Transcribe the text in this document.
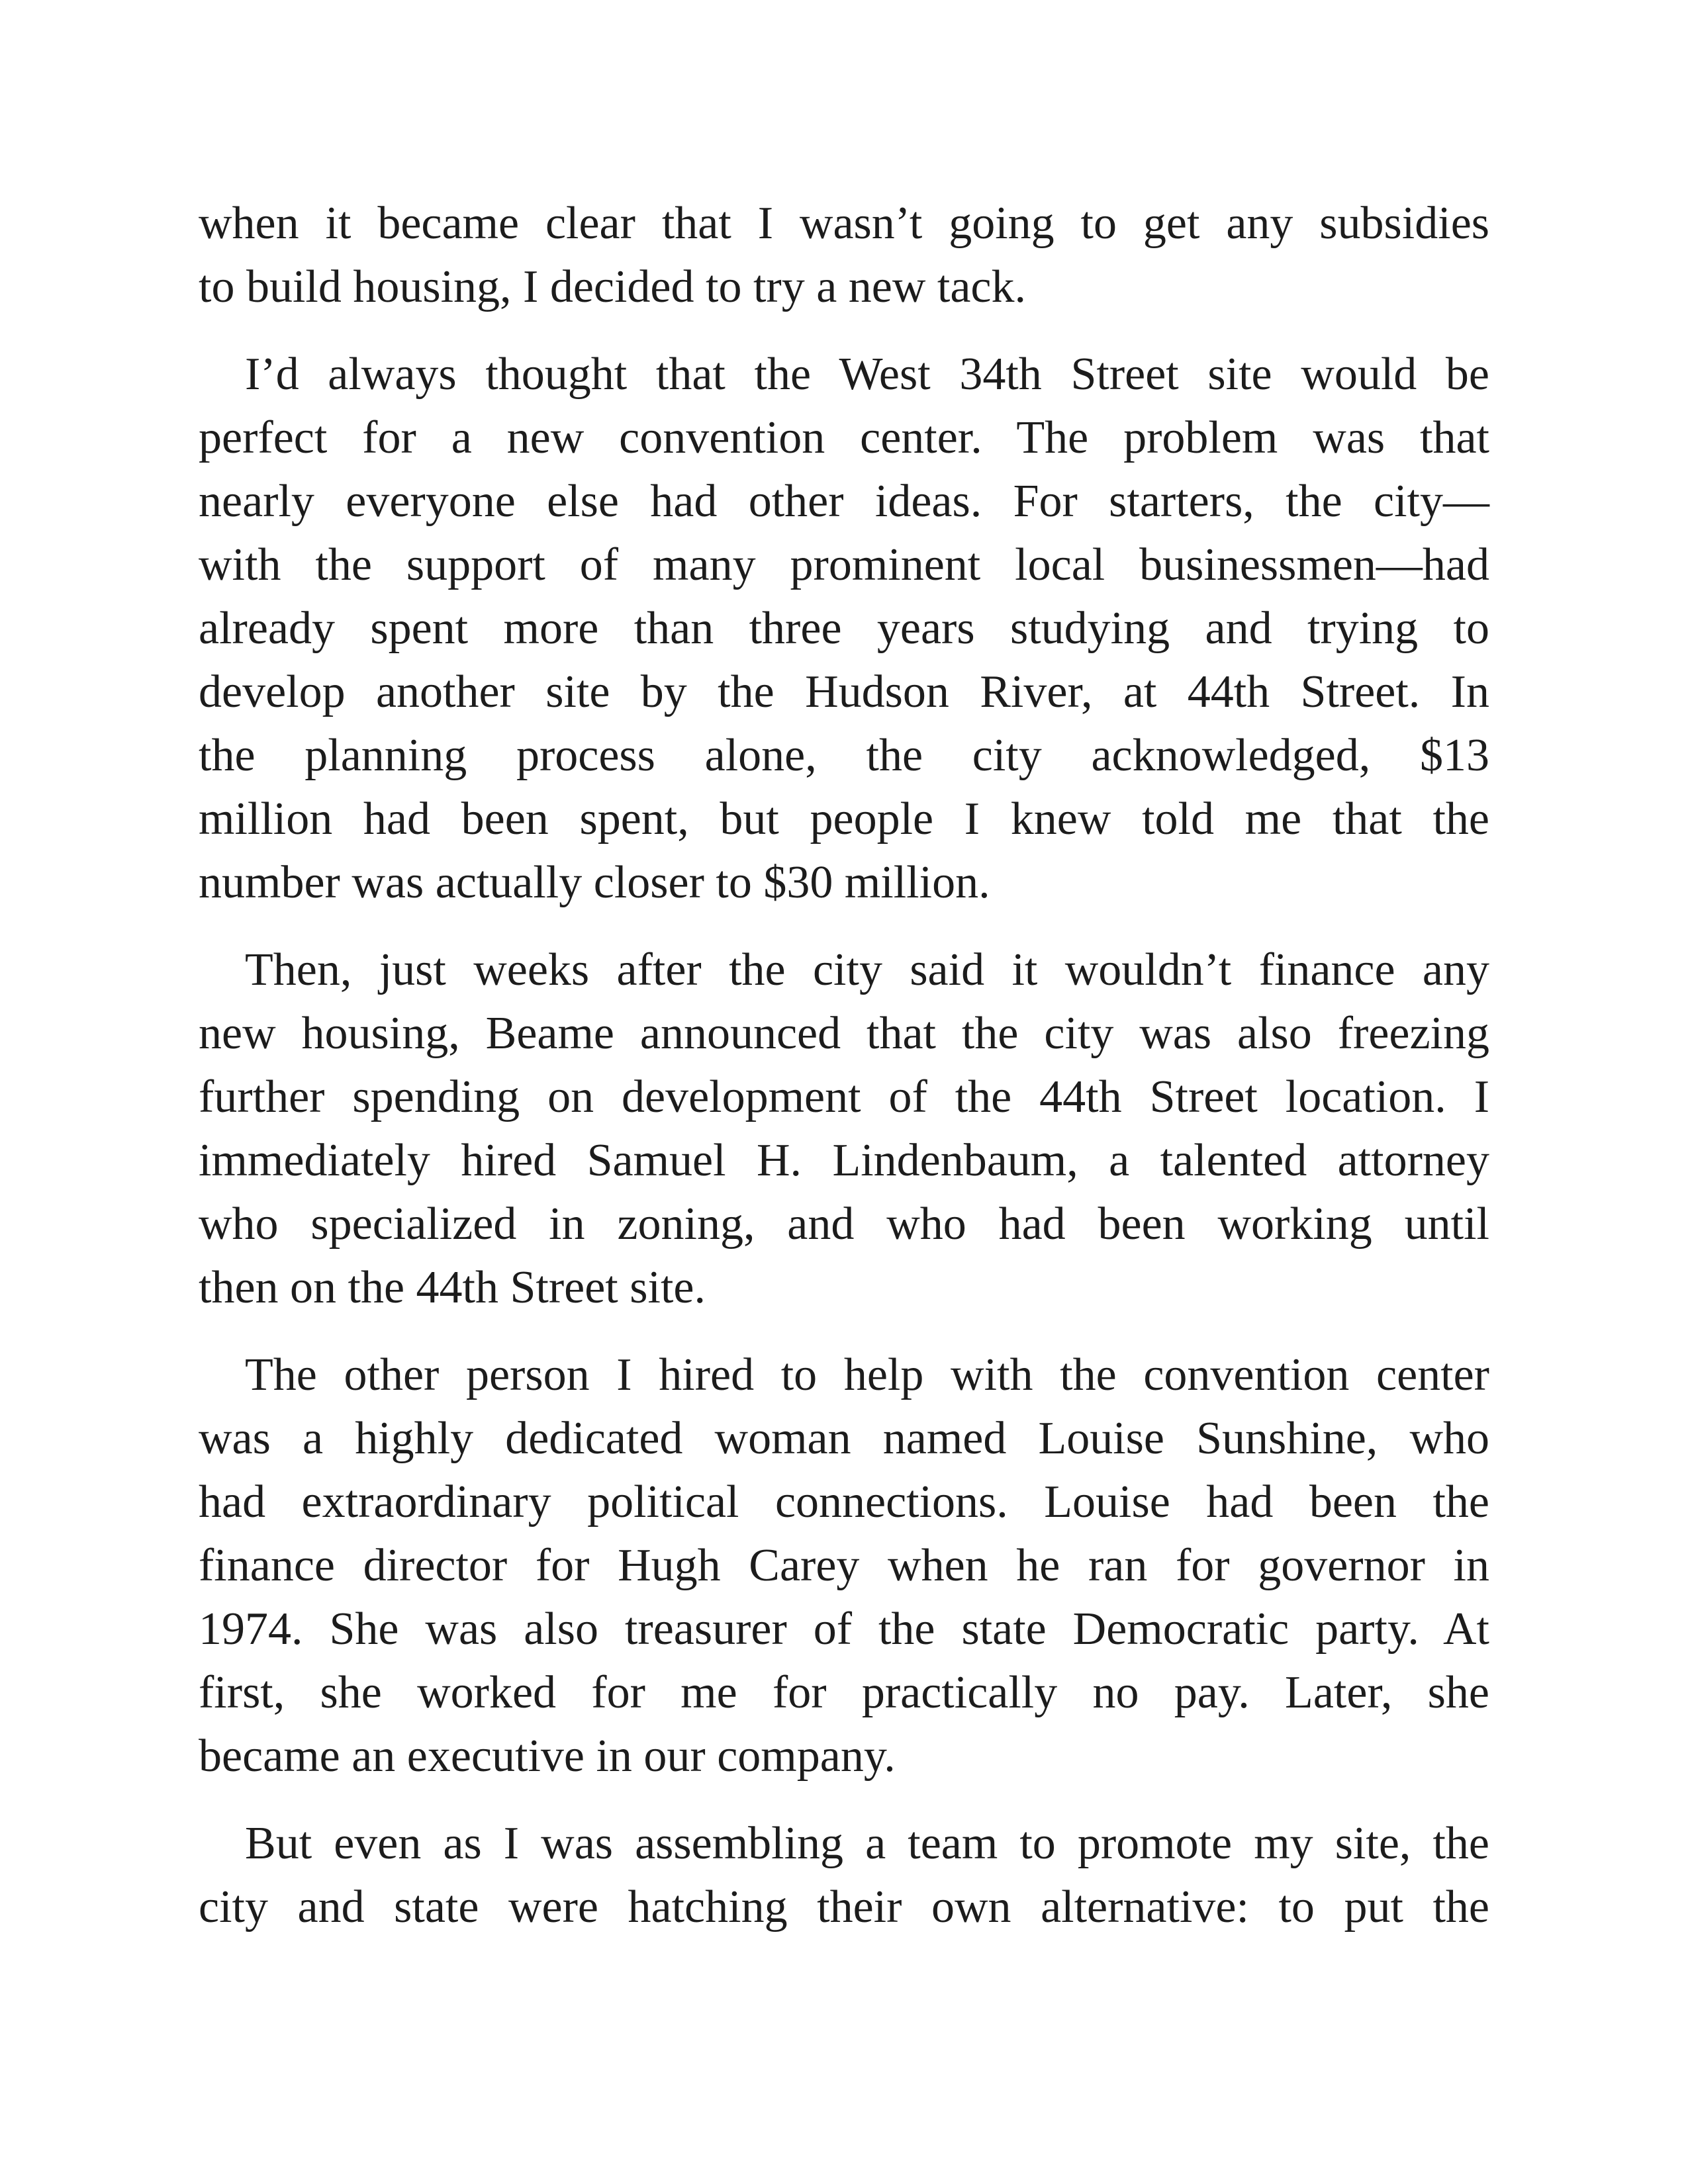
when it became clear that I wasn’t going to get any subsidies
to build housing, I decided to try a new tack.

I’d always thought that the West 34th Street site would be
perfect for a new convention center. The problem was that
nearly everyone else had other ideas. For starters, the city—
with the support of many prominent local businessmen—had
already spent more than three years studying and trying to
develop another site by the Hudson River, at 44th Street. In
the planning process alone, the city acknowledged, $13
million had been spent, but people I knew told me that the
number was actually closer to $30 million.

Then, just weeks after the city said it wouldn’t finance any
new housing, Beame announced that the city was also freezing
further spending on development of the 44th Street location. I
immediately hired Samuel H. Lindenbaum, a talented attorney
who specialized in zoning, and who had been working until
then on the 44th Street site.

The other person I hired to help with the convention center
was a highly dedicated woman named Louise Sunshine, who
had extraordinary political connections. Louise had been the
finance director for Hugh Carey when he ran for governor in
1974. She was also treasurer of the state Democratic party. At
first, she worked for me for practically no pay. Later, she
became an executive in our company.

But even as I was assembling a team to promote my site, the
city and state were hatching their own alternative: to put the
